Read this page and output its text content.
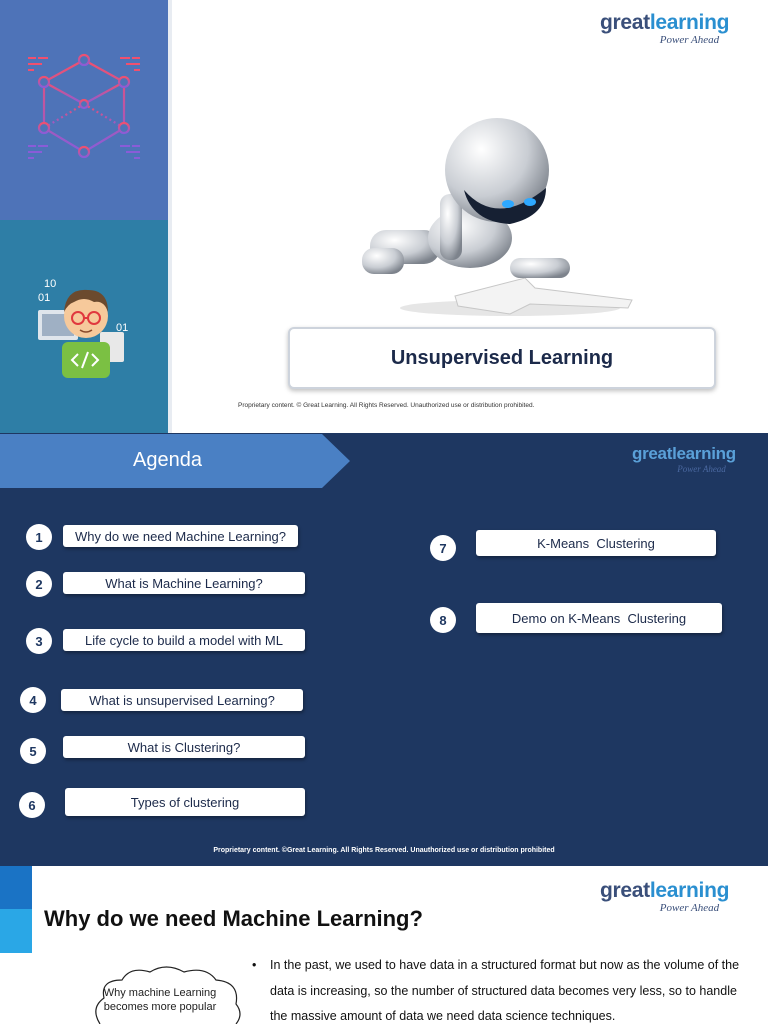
10
01
01
greatlearning
Power Ahead
Unsupervised Learning
Proprietary content. © Great Learning. All Rights Reserved. Unauthorized use or distribution prohibited.
Agenda	greatlearning
Power Ahead
1	Why do we need Machine Learning?
2	What is Machine Learning?
3	Life cycle to build a model with ML
4	What is unsupervised Learning?
5	What is Clustering?
6	Types of clustering
7	K-Means  Clustering
8	Demo on K-Means  Clustering
Proprietary content. ©Great Learning. All Rights Reserved. Unauthorized use or distribution prohibited
greatlearning
Power Ahead
Why do we need Machine Learning?
Why machine Learning becomes more popular
• In the past, we used to have data in a structured format but now as the volume of the data is increasing, so the number of structured data becomes very less, so to handle the massive amount of data we need data science techniques.
